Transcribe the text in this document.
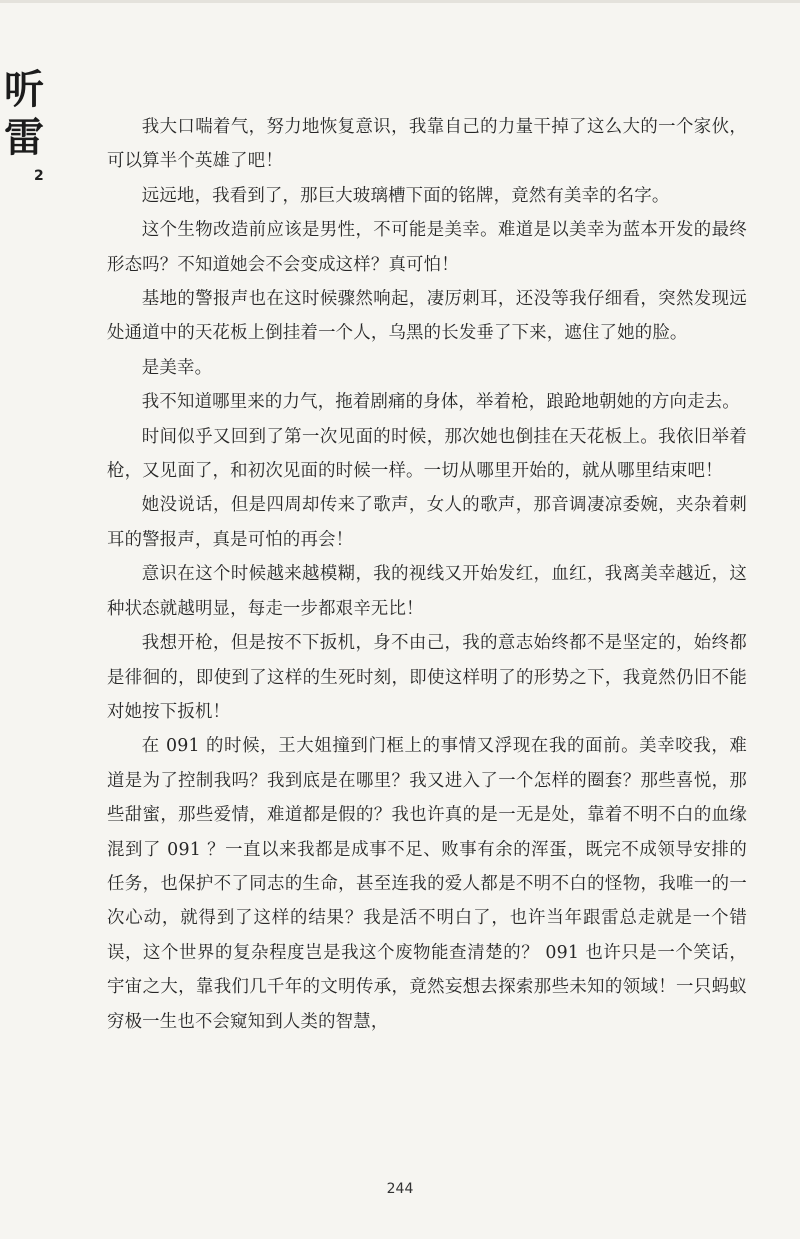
听
雷
2

我大口喘着气，努力地恢复意识，我靠自己的力量干掉了这么大的一个家伙，可以算半个英雄了吧！

远远地，我看到了，那巨大玻璃槽下面的铭牌，竟然有美幸的名字。

这个生物改造前应该是男性，不可能是美幸。难道是以美幸为蓝本开发的最终形态吗？不知道她会不会变成这样？真可怕！

基地的警报声也在这时候骤然响起，凄厉刺耳，还没等我仔细看，突然发现远处通道中的天花板上倒挂着一个人，乌黑的长发垂了下来，遮住了她的脸。

是美幸。

我不知道哪里来的力气，拖着剧痛的身体，举着枪，踉跄地朝她的方向走去。

时间似乎又回到了第一次见面的时候，那次她也倒挂在天花板上。我依旧举着枪，又见面了，和初次见面的时候一样。一切从哪里开始的，就从哪里结束吧！

她没说话，但是四周却传来了歌声，女人的歌声，那音调凄凉委婉，夹杂着刺耳的警报声，真是可怕的再会！

意识在这个时候越来越模糊，我的视线又开始发红，血红，我离美幸越近，这种状态就越明显，每走一步都艰辛无比！

我想开枪，但是按不下扳机，身不由己，我的意志始终都不是坚定的，始终都是徘徊的，即使到了这样的生死时刻，即使这样明了的形势之下，我竟然仍旧不能对她按下扳机！

在 091 的时候，王大姐撞到门框上的事情又浮现在我的面前。美幸咬我，难道是为了控制我吗？我到底是在哪里？我又进入了一个怎样的圈套？那些喜悦，那些甜蜜，那些爱情，难道都是假的？我也许真的是一无是处，靠着不明不白的血缘混到了 091 ？一直以来我都是成事不足、败事有余的浑蛋，既完不成领导安排的任务，也保护不了同志的生命，甚至连我的爱人都是不明不白的怪物，我唯一的一次心动，就得到了这样的结果？我是活不明白了，也许当年跟雷总走就是一个错误，这个世界的复杂程度岂是我这个废物能查清楚的？ 091 也许只是一个笑话，宇宙之大，靠我们几千年的文明传承，竟然妄想去探索那些未知的领域！一只蚂蚁穷极一生也不会窥知到人类的智慧，

244
